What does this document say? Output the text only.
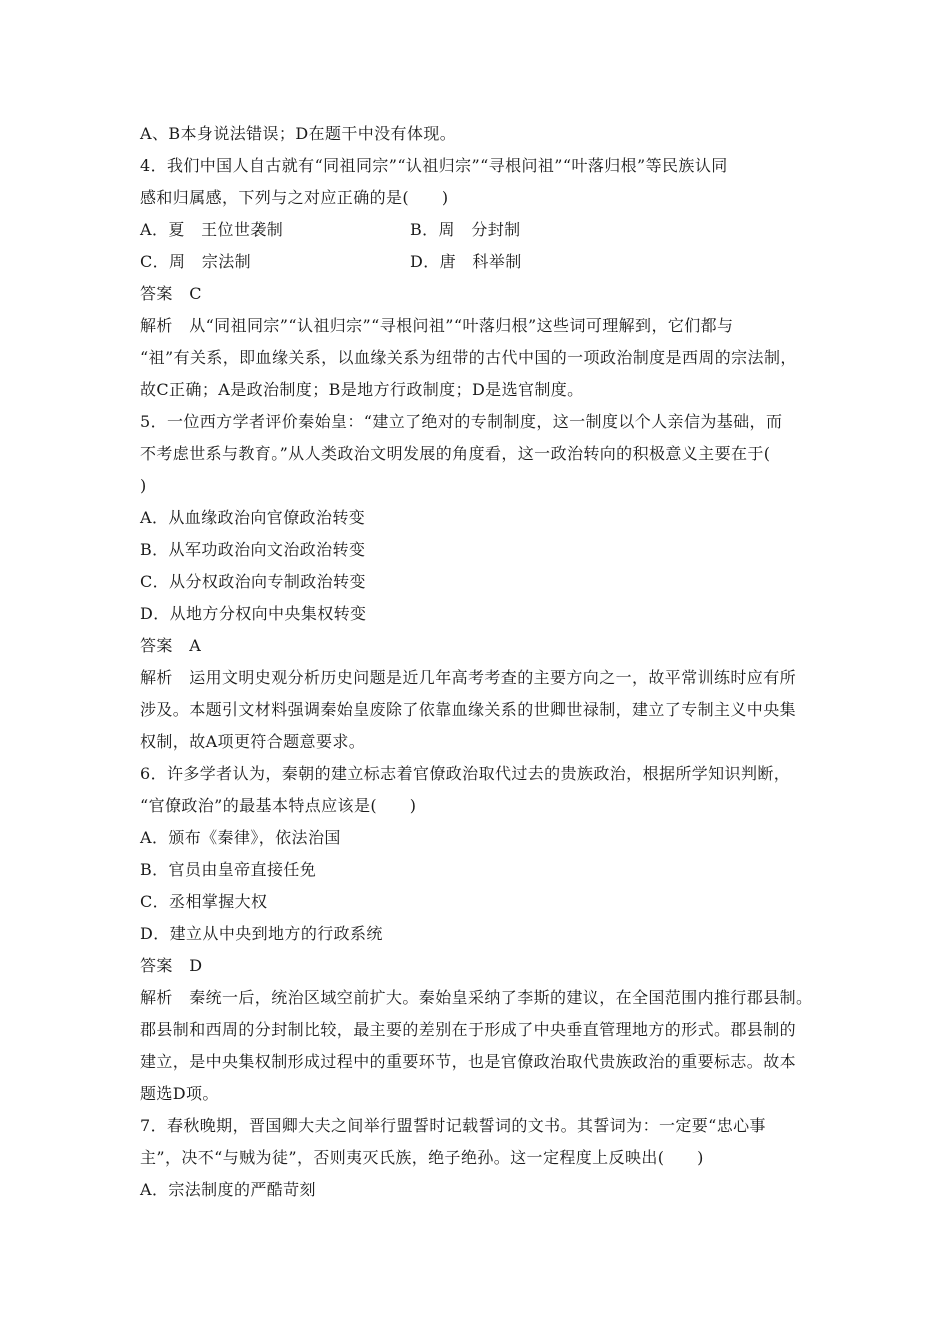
A、B本身说法错误；D在题干中没有体现。
4．我们中国人自古就有“同祖同宗”“认祖归宗”“寻根问祖”“叶落归根”等民族认同
感和归属感，下列与之对应正确的是(　　)
A．夏　王位世袭制	B．周　分封制
C．周　宗法制	D．唐　科举制
答案　C
解析　从“同祖同宗”“认祖归宗”“寻根问祖”“叶落归根”这些词可理解到，它们都与
“祖”有关系，即血缘关系，以血缘关系为纽带的古代中国的一项政治制度是西周的宗法制，
故C正确；A是政治制度；B是地方行政制度；D是选官制度。
5．一位西方学者评价秦始皇：“建立了绝对的专制制度，这一制度以个人亲信为基础，而
不考虑世系与教育。”从人类政治文明发展的角度看，这一政治转向的积极意义主要在于(
)
A．从血缘政治向官僚政治转变
B．从军功政治向文治政治转变
C．从分权政治向专制政治转变
D．从地方分权向中央集权转变
答案　A
解析　运用文明史观分析历史问题是近几年高考考查的主要方向之一，故平常训练时应有所
涉及。本题引文材料强调秦始皇废除了依靠血缘关系的世卿世禄制，建立了专制主义中央集
权制，故A项更符合题意要求。
6．许多学者认为，秦朝的建立标志着官僚政治取代过去的贵族政治，根据所学知识判断，
“官僚政治”的最基本特点应该是(　　)
A．颁布《秦律》，依法治国
B．官员由皇帝直接任免
C．丞相掌握大权
D．建立从中央到地方的行政系统
答案　D
解析　秦统一后，统治区域空前扩大。秦始皇采纳了李斯的建议，在全国范围内推行郡县制。
郡县制和西周的分封制比较，最主要的差别在于形成了中央垂直管理地方的形式。郡县制的
建立，是中央集权制形成过程中的重要环节，也是官僚政治取代贵族政治的重要标志。故本
题选D项。
7．春秋晚期，晋国卿大夫之间举行盟誓时记载誓词的文书。其誓词为：一定要“忠心事
主”，决不“与贼为徒”，否则夷灭氏族，绝子绝孙。这一定程度上反映出(　　)
A．宗法制度的严酷苛刻
